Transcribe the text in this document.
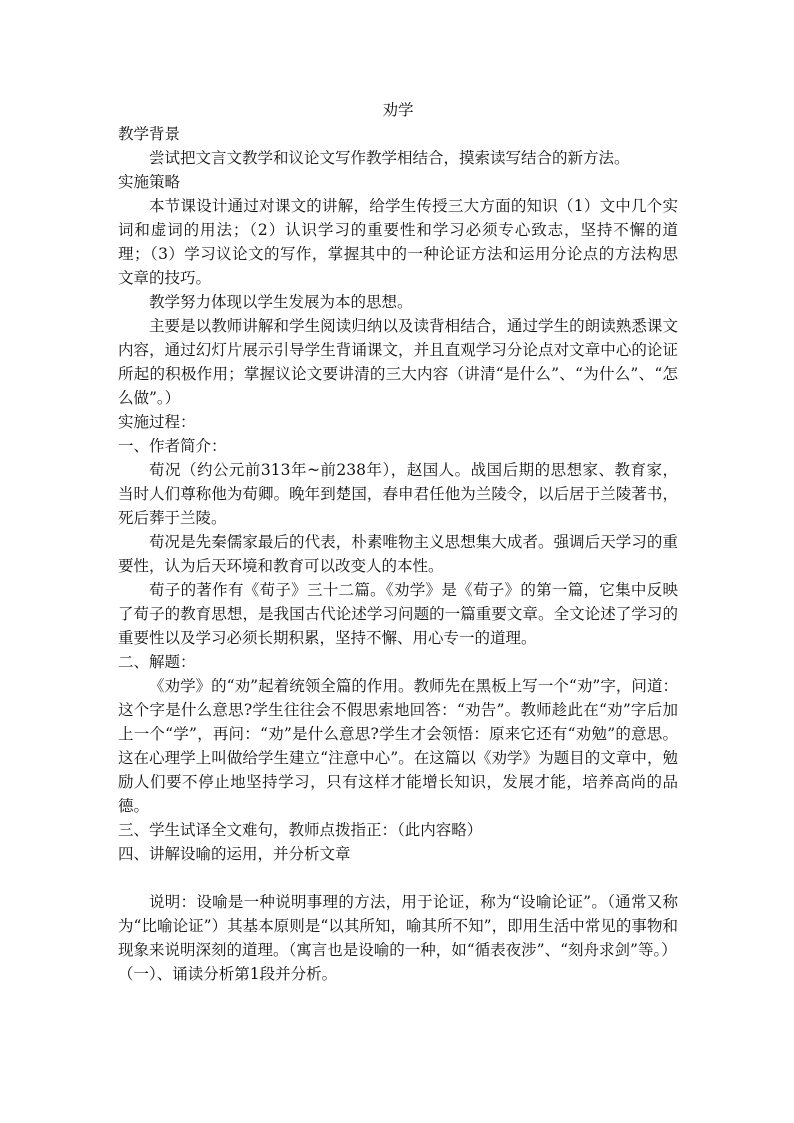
劝学

教学背景

尝试把文言文教学和议论文写作教学相结合，摸索读写结合的新方法。

实施策略

本节课设计通过对课文的讲解，给学生传授三大方面的知识（1）文中几个实词和虚词的用法；（2）认识学习的重要性和学习必须专心致志，坚持不懈的道理；（3）学习议论文的写作，掌握其中的一种论证方法和运用分论点的方法构思文章的技巧。

教学努力体现以学生发展为本的思想。

主要是以教师讲解和学生阅读归纳以及读背相结合，通过学生的朗读熟悉课文内容，通过幻灯片展示引导学生背诵课文，并且直观学习分论点对文章中心的论证所起的积极作用；掌握议论文要讲清的三大内容（讲清“是什么”、“为什么”、“怎么做”。）

实施过程：

一、作者简介：

荀况（约公元前313年~前238年），赵国人。战国后期的思想家、教育家，当时人们尊称他为荀卿。晚年到楚国，春申君任他为兰陵令，以后居于兰陵著书，死后葬于兰陵。

荀况是先秦儒家最后的代表，朴素唯物主义思想集大成者。强调后天学习的重要性，认为后天环境和教育可以改变人的本性。

荀子的著作有《荀子》三十二篇。《劝学》是《荀子》的第一篇，它集中反映了荀子的教育思想，是我国古代论述学习问题的一篇重要文章。全文论述了学习的重要性以及学习必须长期积累，坚持不懈、用心专一的道理。

二、解题：

《劝学》的“劝”起着统领全篇的作用。教师先在黑板上写一个“劝”字，问道：这个字是什么意思?学生往往会不假思索地回答：“劝告”。教师趁此在“劝”字后加上一个“学”，再问：“劝”是什么意思?学生才会领悟：原来它还有“劝勉”的意思。这在心理学上叫做给学生建立“注意中心”。在这篇以《劝学》为题目的文章中，勉励人们要不停止地坚持学习，只有这样才能增长知识，发展才能，培养高尚的品德。

三、学生试译全文难句，教师点拨指正：（此内容略）

四、讲解设喻的运用，并分析文章

说明：设喻是一种说明事理的方法，用于论证，称为“设喻论证”。（通常又称为“比喻论证”）其基本原则是“以其所知，喻其所不知”，即用生活中常见的事物和现象来说明深刻的道理。（寓言也是设喻的一种，如“循表夜涉”、“刻舟求剑”等。）

（一）、诵读分析第1段并分析。
